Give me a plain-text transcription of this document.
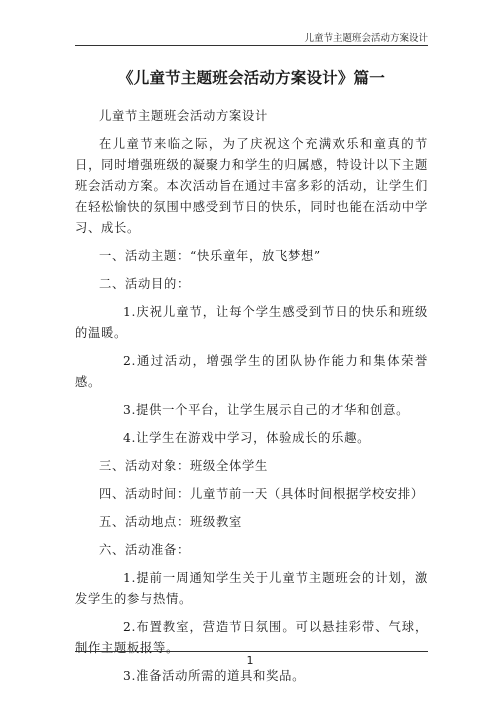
儿童节主题班会活动方案设计
《儿童节主题班会活动方案设计》篇一

儿童节主题班会活动方案设计

在儿童节来临之际，为了庆祝这个充满欢乐和童真的节日，同时增强班级的凝聚力和学生的归属感，特设计以下主题班会活动方案。本次活动旨在通过丰富多彩的活动，让学生们在轻松愉快的氛围中感受到节日的快乐，同时也能在活动中学习、成长。

一、活动主题：“快乐童年，放飞梦想”

二、活动目的：

1.庆祝儿童节，让每个学生感受到节日的快乐和班级的温暖。

2.通过活动，增强学生的团队协作能力和集体荣誉感。

3.提供一个平台，让学生展示自己的才华和创意。

4.让学生在游戏中学习，体验成长的乐趣。

三、活动对象：班级全体学生

四、活动时间：儿童节前一天（具体时间根据学校安排）

五、活动地点：班级教室

六、活动准备：

1.提前一周通知学生关于儿童节主题班会的计划，激发学生的参与热情。

2.布置教室，营造节日氛围。可以悬挂彩带、气球，制作主题板报等。

3.准备活动所需的道具和奖品。

1
